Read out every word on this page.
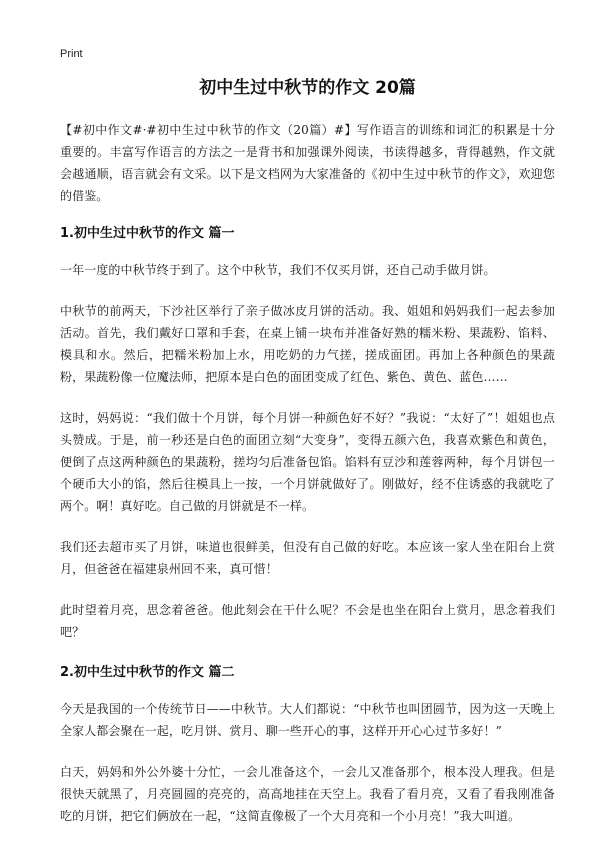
Print
初中生过中秋节的作文 20篇

【#初中作文#·#初中生过中秋节的作文（20篇）#】写作语言的训练和词汇的积累是十分重要的。丰富写作语言的方法之一是背书和加强课外阅读，书读得越多，背得越熟，作文就会越通顺，语言就会有文采。以下是文档网为大家准备的《初中生过中秋节的作文》，欢迎您的借鉴。

1.初中生过中秋节的作文 篇一

一年一度的中秋节终于到了。这个中秋节，我们不仅买月饼，还自己动手做月饼。

中秋节的前两天，下沙社区举行了亲子做冰皮月饼的活动。我、姐姐和妈妈我们一起去参加活动。首先，我们戴好口罩和手套，在桌上铺一块布并准备好熟的糯米粉、果蔬粉、馅料、模具和水。然后，把糯米粉加上水，用吃奶的力气搓，搓成面团。再加上各种颜色的果蔬粉，果蔬粉像一位魔法师，把原本是白色的面团变成了红色、紫色、黄色、蓝色……

这时，妈妈说：“我们做十个月饼，每个月饼一种颜色好不好？”我说：“太好了”！姐姐也点头赞成。于是，前一秒还是白色的面团立刻“大变身”，变得五颜六色，我喜欢紫色和黄色，便倒了点这两种颜色的果蔬粉，搓均匀后准备包馅。馅料有豆沙和莲蓉两种，每个月饼包一个硬币大小的馅，然后往模具上一按，一个月饼就做好了。刚做好，经不住诱惑的我就吃了两个。啊！真好吃。自己做的月饼就是不一样。

我们还去超市买了月饼，味道也很鲜美，但没有自己做的好吃。本应该一家人坐在阳台上赏月，但爸爸在福建泉州回不来，真可惜！

此时望着月亮，思念着爸爸。他此刻会在干什么呢？不会是也坐在阳台上赏月，思念着我们吧？

2.初中生过中秋节的作文 篇二

今天是我国的一个传统节日——中秋节。大人们都说：“中秋节也叫团圆节，因为这一天晚上全家人都会聚在一起，吃月饼、赏月、聊一些开心的事，这样开开心心过节多好！”

白天，妈妈和外公外婆十分忙，一会儿准备这个，一会儿又准备那个，根本没人理我。但是很快天就黑了，月亮圆圆的亮亮的，高高地挂在天空上。我看了看月亮，又看了看我刚准备吃的月饼，把它们俩放在一起，“这简直像极了一个大月亮和一个小月亮！”我大叫道。
